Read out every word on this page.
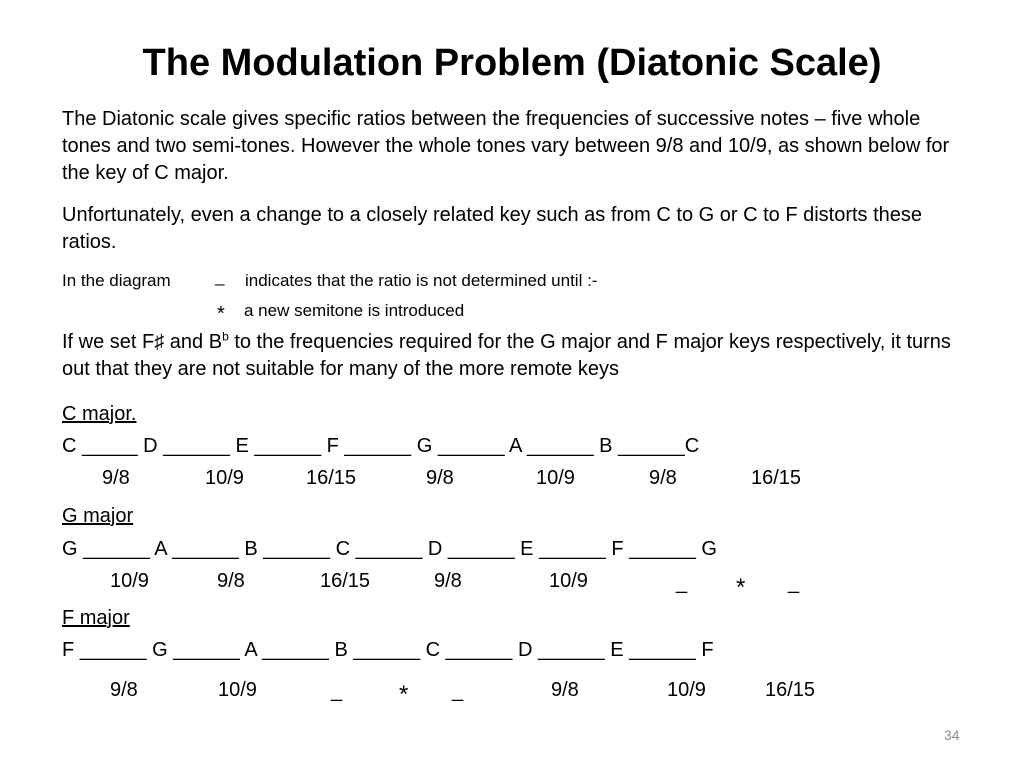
The Modulation Problem (Diatonic Scale)

The Diatonic scale gives specific ratios between the frequencies of successive notes – five whole tones and two semi-tones. However the whole tones vary between 9/8 and 10/9, as shown below for the key of C major.

Unfortunately, even a change to a closely related key such as from C to G or C to F distorts these ratios.

In the diagram	_ indicates that the ratio is not determined until :-
* a new semitone is introduced

If we set F♯ and $B^b$ to the frequencies required for the G major and F major keys respectively, it turns out that they are not suitable for many of the more remote keys

C major.
C _____ D ______ E ______ F ______ G ______ A ______ B ______C
9/8	10/9	16/15	9/8	10/9	9/8	16/15
G major
G ______ A ______ B ______ C ______ D ______ E ______ F ______ G
10/9	9/8	16/15	9/8	10/9	_ * _
F major
F ______ G ______ A ______ B ______ C ______ D ______ E ______ F
9/8	10/9	_ * _	9/8	10/9	16/15
34
